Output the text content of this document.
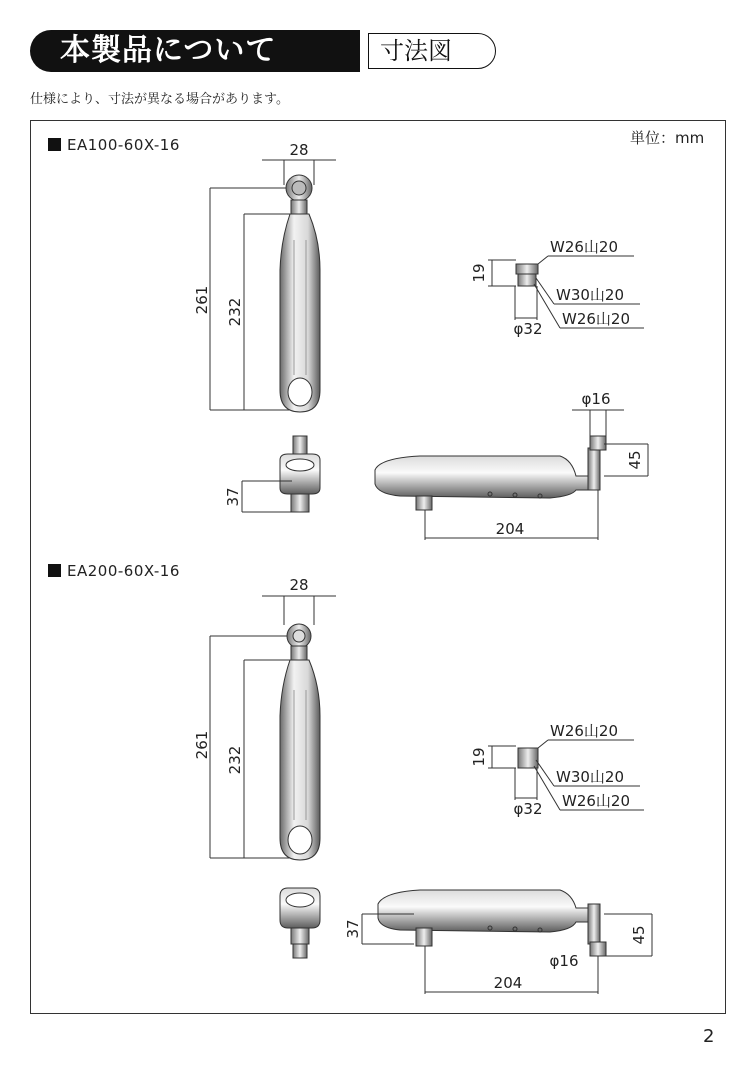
本製品について	寸法図
仕様により、寸法が異なる場合があります。
単位：mm
EA100-60X-16
EA200-60X-16
28
261 232
37
204
45
φ16
19
W26山20
W30山20
W26山20
φ32
28
261
232
37
204
45
φ16
19
W26山20
W30山20
W26山20
φ32
2
